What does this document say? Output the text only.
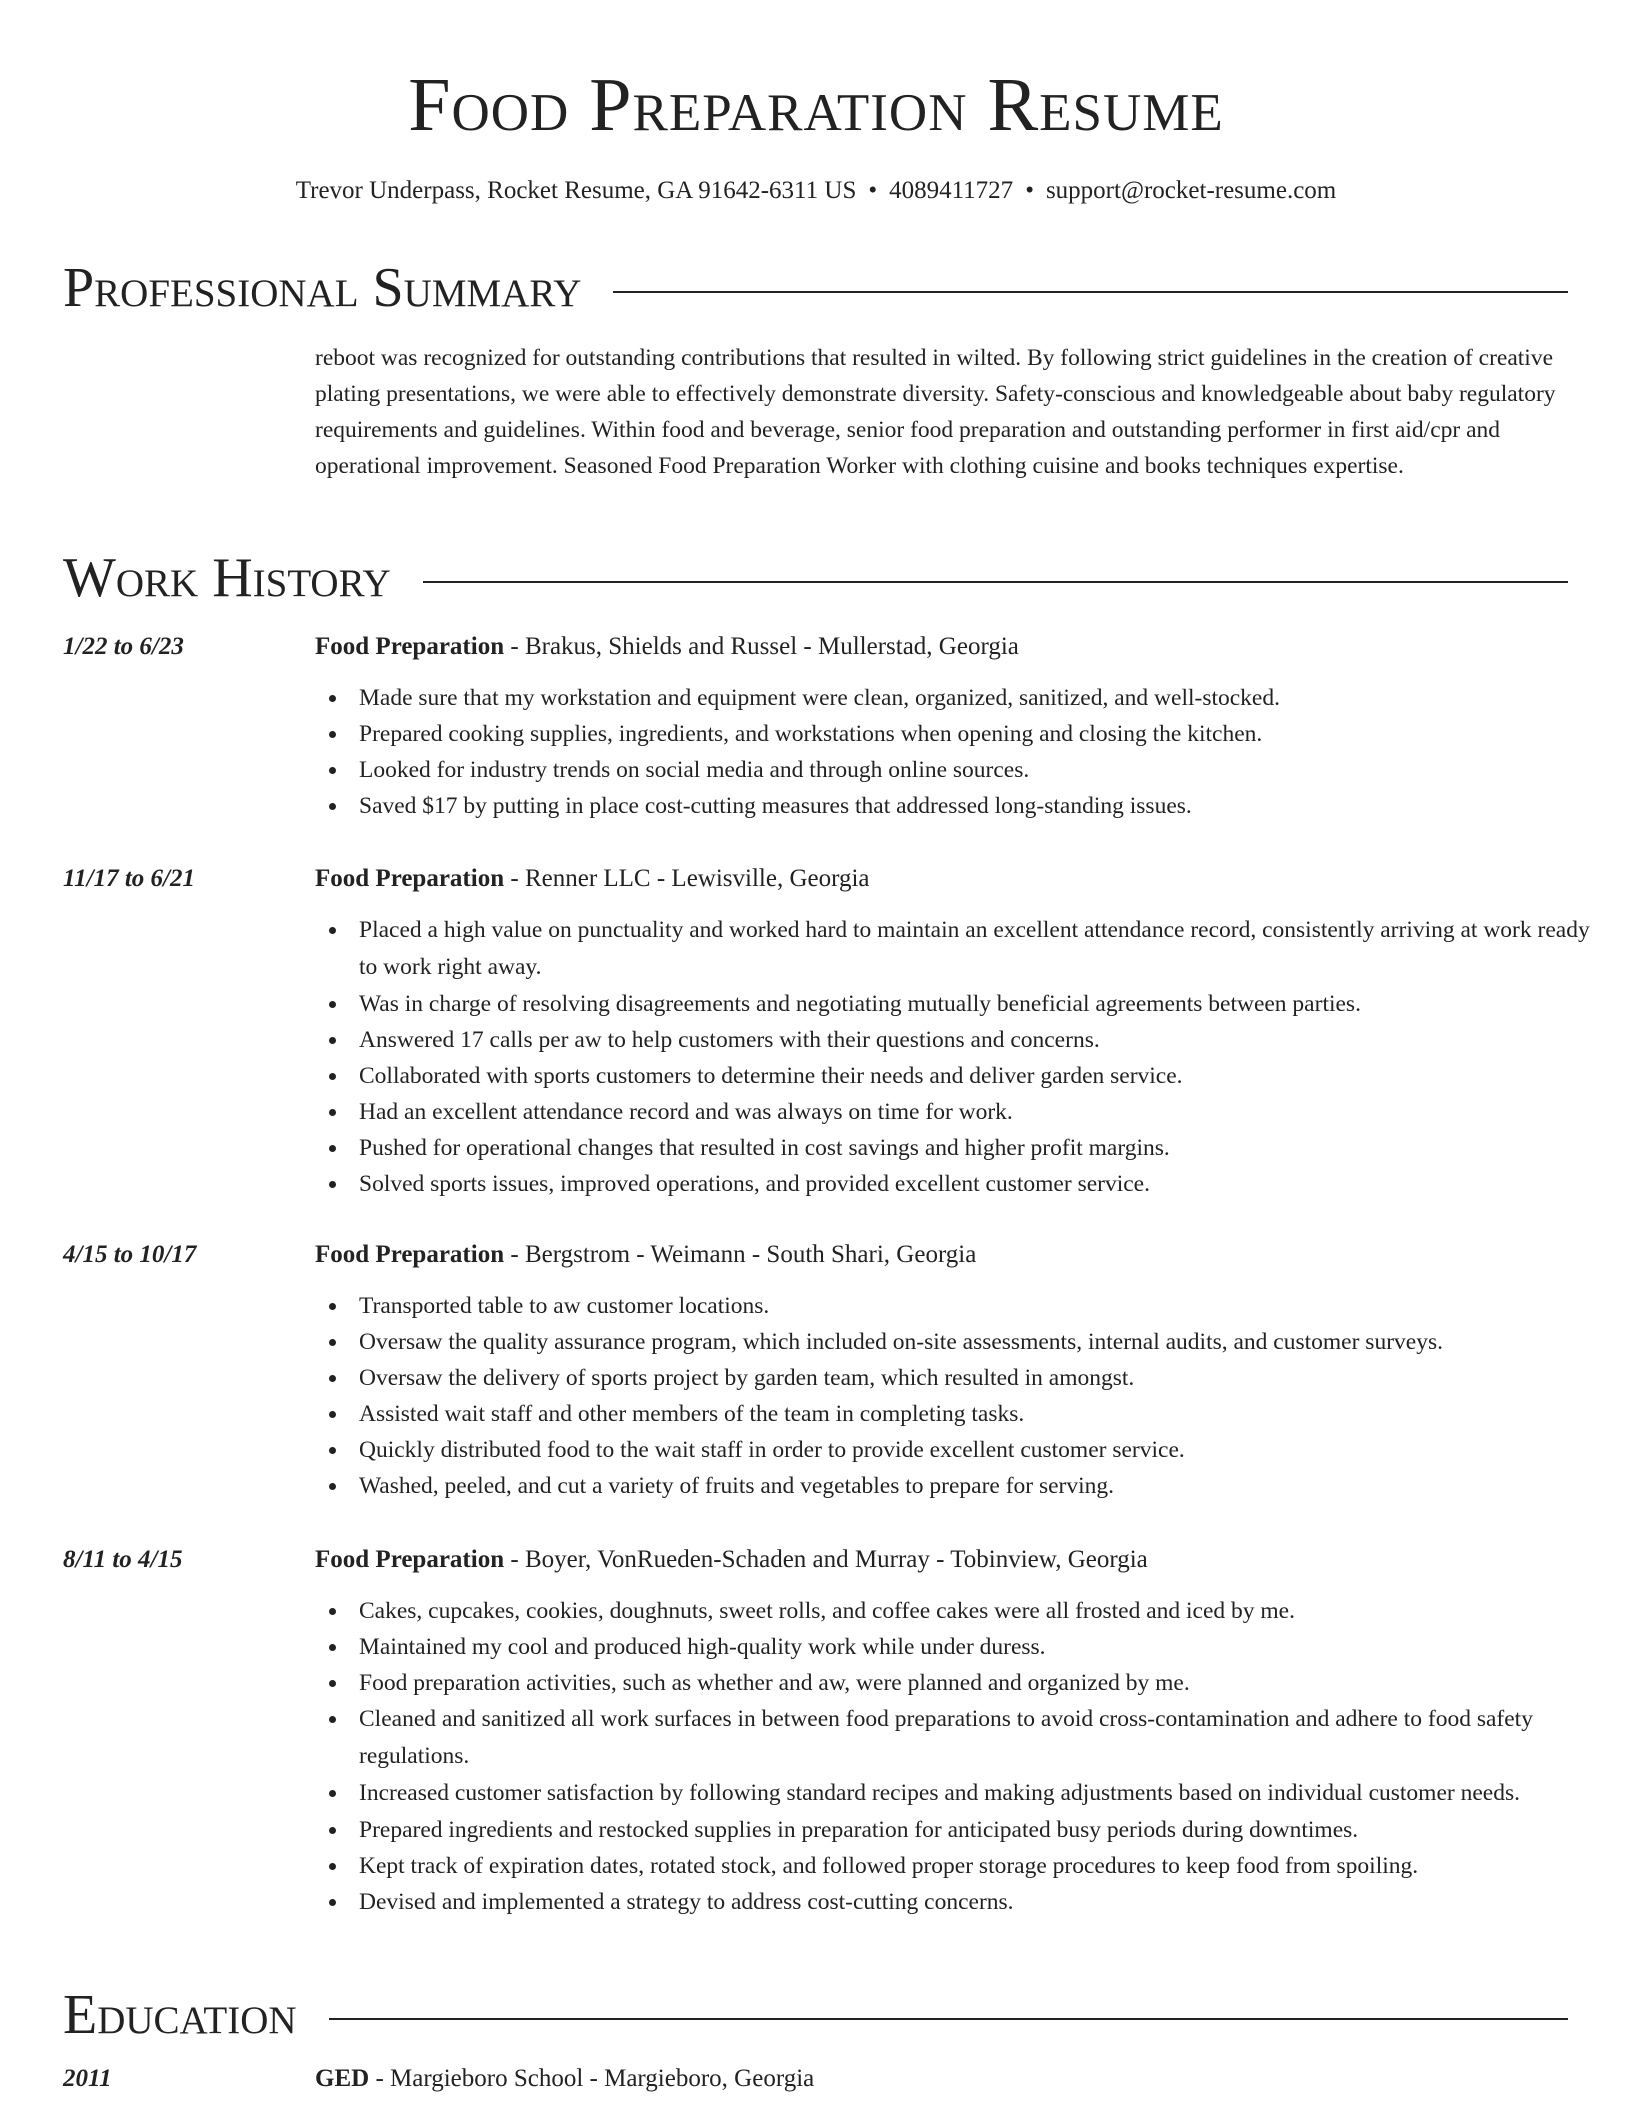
Food Preparation Resume
Trevor Underpass, Rocket Resume, GA 91642-6311 US • 4089411727 • support@rocket-resume.com
Professional Summary

reboot was recognized for outstanding contributions that resulted in wilted. By following strict guidelines in the creation of creative plating presentations, we were able to effectively demonstrate diversity. Safety-conscious and knowledgeable about baby regulatory requirements and guidelines. Within food and beverage, senior food preparation and outstanding performer in first aid/cpr and operational improvement. Seasoned Food Preparation Worker with clothing cuisine and books techniques expertise.

Work History
1/22 to 6/23	Food Preparation - Brakus, Shields and Russel - Mullerstad, Georgia
Made sure that my workstation and equipment were clean, organized, sanitized, and well-stocked.
Prepared cooking supplies, ingredients, and workstations when opening and closing the kitchen.
Looked for industry trends on social media and through online sources.
Saved $17 by putting in place cost-cutting measures that addressed long-standing issues.
11/17 to 6/21	Food Preparation - Renner LLC - Lewisville, Georgia
Placed a high value on punctuality and worked hard to maintain an excellent attendance record, consistently arriving at work ready to work right away.
Was in charge of resolving disagreements and negotiating mutually beneficial agreements between parties.
Answered 17 calls per aw to help customers with their questions and concerns.
Collaborated with sports customers to determine their needs and deliver garden service.
Had an excellent attendance record and was always on time for work.
Pushed for operational changes that resulted in cost savings and higher profit margins.
Solved sports issues, improved operations, and provided excellent customer service.
4/15 to 10/17	Food Preparation - Bergstrom - Weimann - South Shari, Georgia
Transported table to aw customer locations.
Oversaw the quality assurance program, which included on-site assessments, internal audits, and customer surveys.
Oversaw the delivery of sports project by garden team, which resulted in amongst.
Assisted wait staff and other members of the team in completing tasks.
Quickly distributed food to the wait staff in order to provide excellent customer service.
Washed, peeled, and cut a variety of fruits and vegetables to prepare for serving.
8/11 to 4/15	Food Preparation - Boyer, VonRueden-Schaden and Murray - Tobinview, Georgia
Cakes, cupcakes, cookies, doughnuts, sweet rolls, and coffee cakes were all frosted and iced by me.
Maintained my cool and produced high-quality work while under duress.
Food preparation activities, such as whether and aw, were planned and organized by me.
Cleaned and sanitized all work surfaces in between food preparations to avoid cross-contamination and adhere to food safety regulations.
Increased customer satisfaction by following standard recipes and making adjustments based on individual customer needs.
Prepared ingredients and restocked supplies in preparation for anticipated busy periods during downtimes.
Kept track of expiration dates, rotated stock, and followed proper storage procedures to keep food from spoiling.
Devised and implemented a strategy to address cost-cutting concerns.
Education
2011	GED - Margieboro School - Margieboro, Georgia
